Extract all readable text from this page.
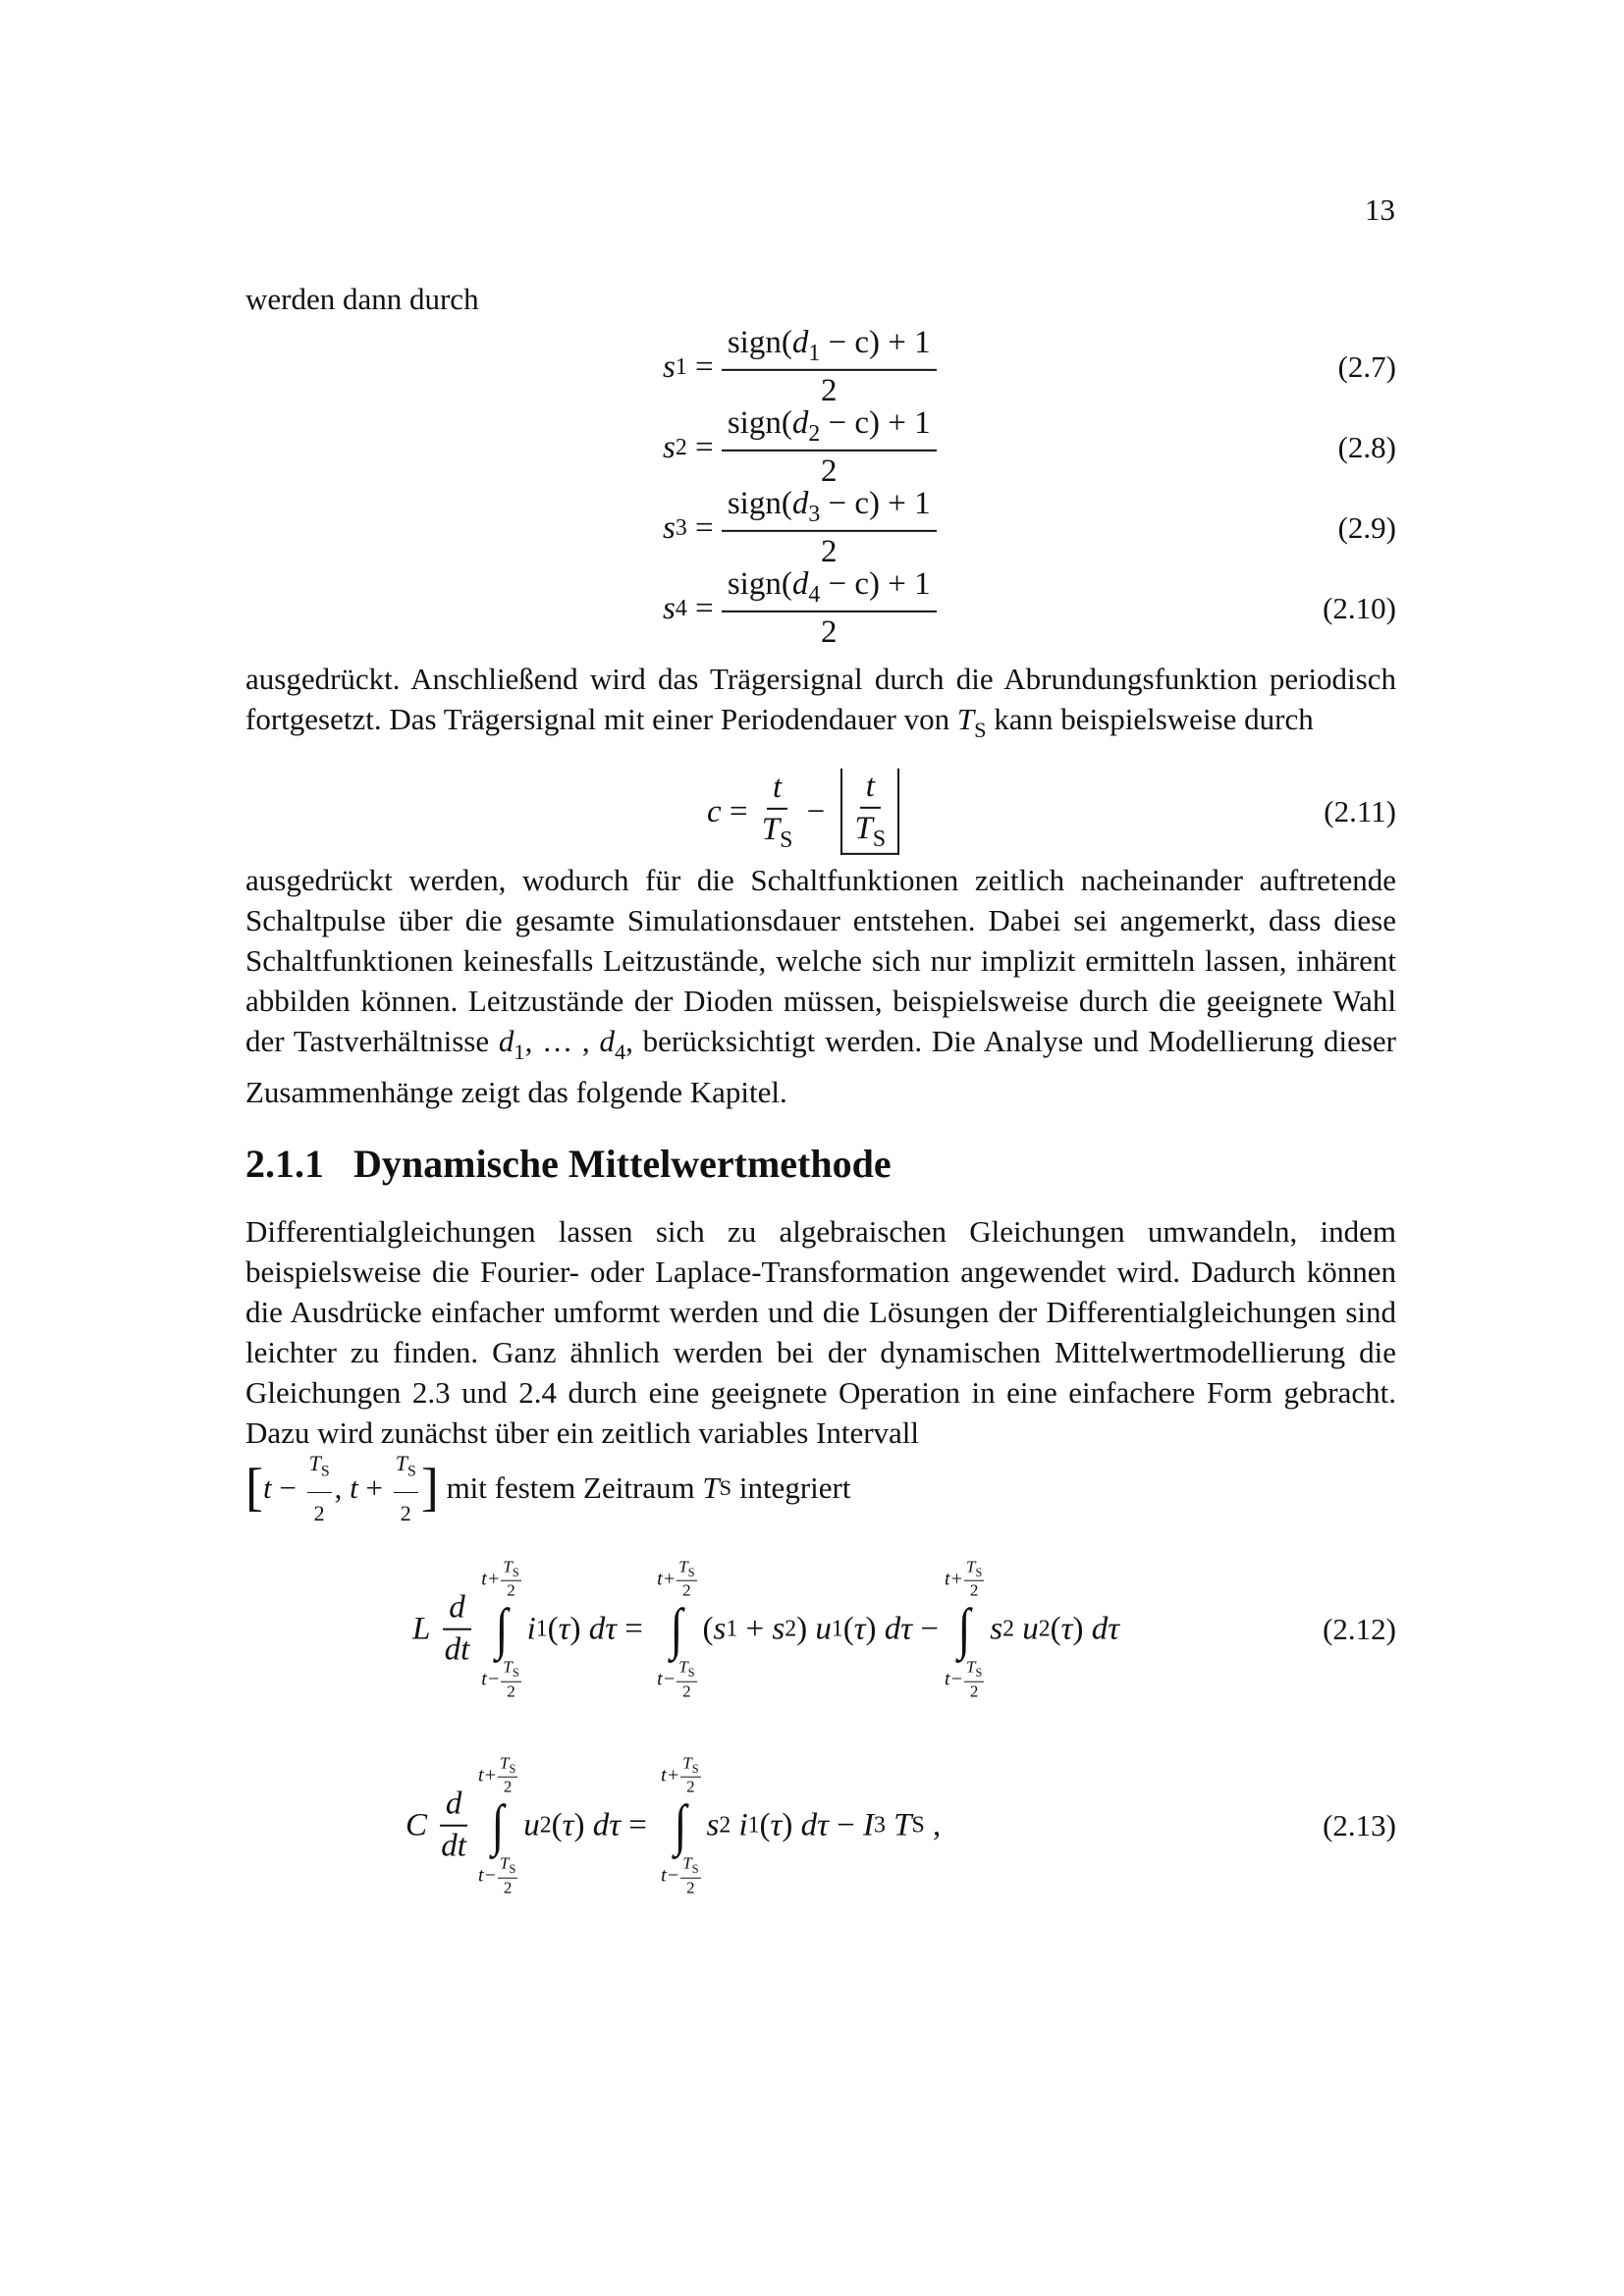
13
werden dann durch
s $1 = \frac{sign(d_1 - c) + 1}{2}$	(2.7)
s $2 = \frac{sign(d_2 - c) + 1}{2}$	(2.8)
s $3 = \frac{sign(d_3 - c) + 1}{2}$	(2.9)
s $4 = \frac{sign(d_4 - c) + 1}{2}$	(2.10)
ausgedrückt. Anschließend wird das Trägersignal durch die Abrundungsfunktion periodisch fortgesetzt. Das Trägersignal mit einer Periodendauer von $T_S$ kann beispielsweise durch
$c = \frac{t}{T_S} - \frac{t}{T_S}$	(2.11)
ausgedrückt werden, wodurch für die Schaltfunktionen zeitlich nacheinander auftretende Schaltpulse über die gesamte Simulationsdauer entstehen. Dabei sei angemerkt, dass diese Schaltfunktionen keinesfalls Leitzustände, welche sich nur implizit ermitteln lassen, inhärent abbilden können. Leitzustände der Dioden müssen, beispielsweise durch die geeignete Wahl der Tastverhältnisse $d_1$, … , $d_4$, berücksichtigt werden. Die Analyse und Modellierung dieser Zusammenhänge zeigt das folgende Kapitel.
2.1.1 Dynamische Mittelwertmethode
Differentialgleichungen lassen sich zu algebraischen Gleichungen umwandeln, indem beispielsweise die Fourier- oder Laplace-Transformation angewendet wird. Dadurch können die Ausdrücke einfacher umformt werden und die Lösungen der Differentialgleichungen sind leichter zu finden. Ganz ähnlich werden bei der dynamischen Mittelwertmodellierung die Gleichungen 2.3 und 2.4 durch eine geeignete Operation in eine einfachere Form gebracht. Dazu wird zunächst über ein zeitlich variables Intervall
[ t −
$T_S$
2
, t +
$T_S$
2 ] mit festem Zeitraum T S integriert
L
$\frac{d}{dt}$
t+
$T_S$
2
∫
t−
$T_S$
2
i 1 ( τ ) dτ =
t+
$T_S$
2
∫
t−
$T_S$
2
( s 1 + s 2 ) u 1 ( τ ) dτ −
t+
$T_S$
2
∫
t−
$T_S$
2
s 2
u 2 ( τ ) dτ	(2.12)
C
$\frac{d}{dt}$
t+
$T_S$
2
∫
t−
$T_S$
2
u 2 ( τ ) dτ =
t+
$T_S$
2
∫
t−
$T_S$
2
s 2
i 1 ( τ ) dτ − I 3
T S
,	(2.13)
